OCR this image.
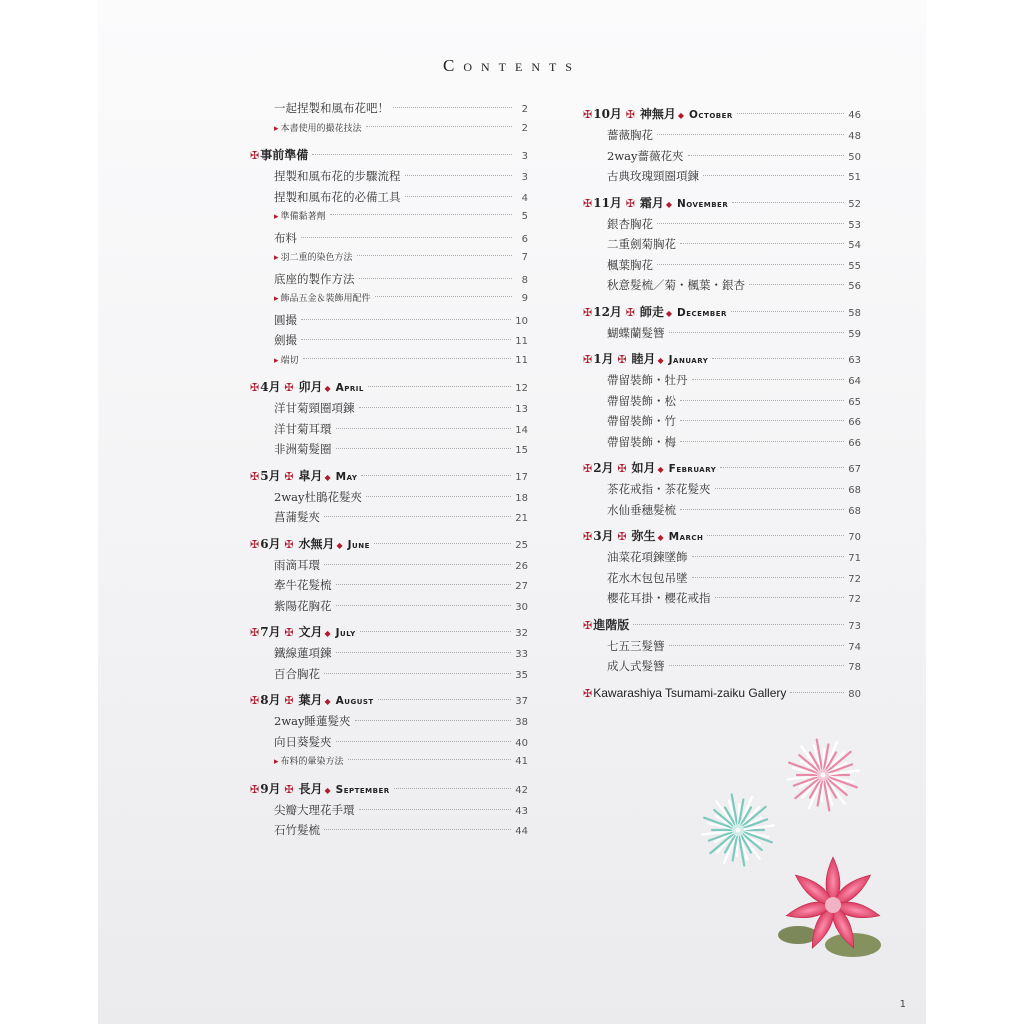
Contents
一起捏製和風布花吧！	2
▸ 本書使用的撮花技法	2
✠事前準備	3
捏製和風布花的步驟流程	3
捏製和風布花的必備工具	4
▸ 準備黏著劑	5
布料	6
▸ 羽二重的染色方法	7
底座的製作方法	8
▸ 飾品五金＆裝飾用配件	9
圓撮	10
劍撮	11
▸ 端切	11
✠4月 ✠ 卯月 ◆ April	12
洋甘菊頸圈項鍊	13
洋甘菊耳環	14
非洲菊髮圈	15
✠5月 ✠ 皐月 ◆ May	17
2way杜鵑花髮夾	18
菖蒲髮夾	21
✠6月 ✠ 水無月 ◆ June	25
雨滴耳環	26
牽牛花髮梳	27
紫陽花胸花	30
✠7月 ✠ 文月 ◆ July	32
鐵線蓮項鍊	33
百合胸花	35
✠8月 ✠ 葉月 ◆ August	37
2way睡蓮髮夾	38
向日葵髮夾	40
▸ 布料的暈染方法	41
✠9月 ✠ 長月 ◆ September	42
尖瓣大理花手環	43
石竹髮梳	44
✠10月 ✠ 神無月 ◆ October	46
薔薇胸花	48
2way薔薇花夾	50
古典玫瑰頸圈項鍊	51
✠11月 ✠ 霜月 ◆ November	52
銀杏胸花	53
二重劍菊胸花	54
楓葉胸花	55
秋意髮梳／菊・楓葉・銀杏	56
✠12月 ✠ 師走 ◆ December	58
蝴蝶蘭髮簪	59
✠1月 ✠ 睦月 ◆ January	63
帶留裝飾・牡丹	64
帶留裝飾・松	65
帶留裝飾・竹	66
帶留裝飾・梅	66
✠2月 ✠ 如月 ◆ February	67
茶花戒指・茶花髮夾	68
水仙垂穗髮梳	68
✠3月 ✠ 弥生 ◆ March	70
油菜花項鍊墜飾	71
花水木包包吊墜	72
櫻花耳掛・櫻花戒指	72
✠進階版	73
七五三髮簪	74
成人式髮簪	78
✠Kawarashiya Tsumami-zaiku Gallery	80
1
